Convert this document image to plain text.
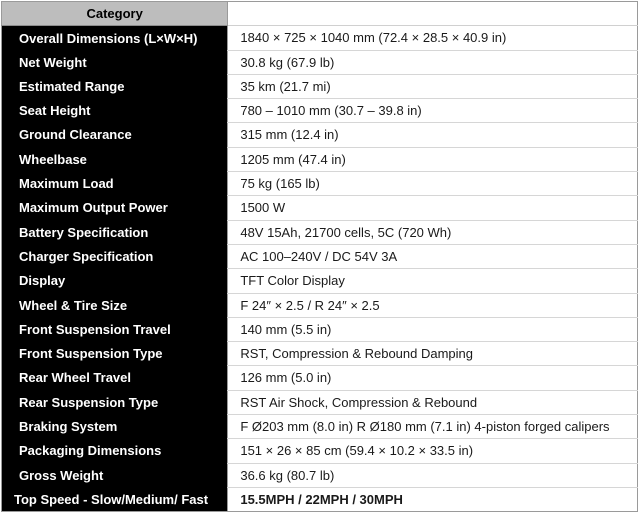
Category	
Overall Dimensions (L×W×H)	1840 × 725 × 1040 mm (72.4 × 28.5 × 40.9 in)
Net Weight	30.8 kg (67.9 lb)
Estimated Range	35 km (21.7 mi)
Seat Height	780 – 1010 mm (30.7 – 39.8 in)
Ground Clearance	315 mm (12.4 in)
Wheelbase	1205 mm (47.4 in)
Maximum Load	75 kg (165 lb)
Maximum Output Power	1500 W
Battery Specification	48V 15Ah, 21700 cells, 5C (720 Wh)
Charger Specification	AC 100–240V / DC 54V 3A
Display	TFT Color Display
Wheel & Tire Size	F 24″ × 2.5 / R 24″ × 2.5
Front Suspension Travel	140 mm (5.5 in)
Front Suspension Type	RST, Compression & Rebound Damping
Rear Wheel Travel	126 mm (5.0 in)
Rear Suspension Type	RST Air Shock, Compression & Rebound
Braking System	F Ø203 mm (8.0 in) R Ø180 mm (7.1 in) 4-piston forged calipers
Packaging Dimensions	151 × 26 × 85 cm (59.4 × 10.2 × 33.5 in)
Gross Weight	36.6 kg (80.7 lb)
Top Speed - Slow/Medium/ Fast	15.5MPH / 22MPH / 30MPH
